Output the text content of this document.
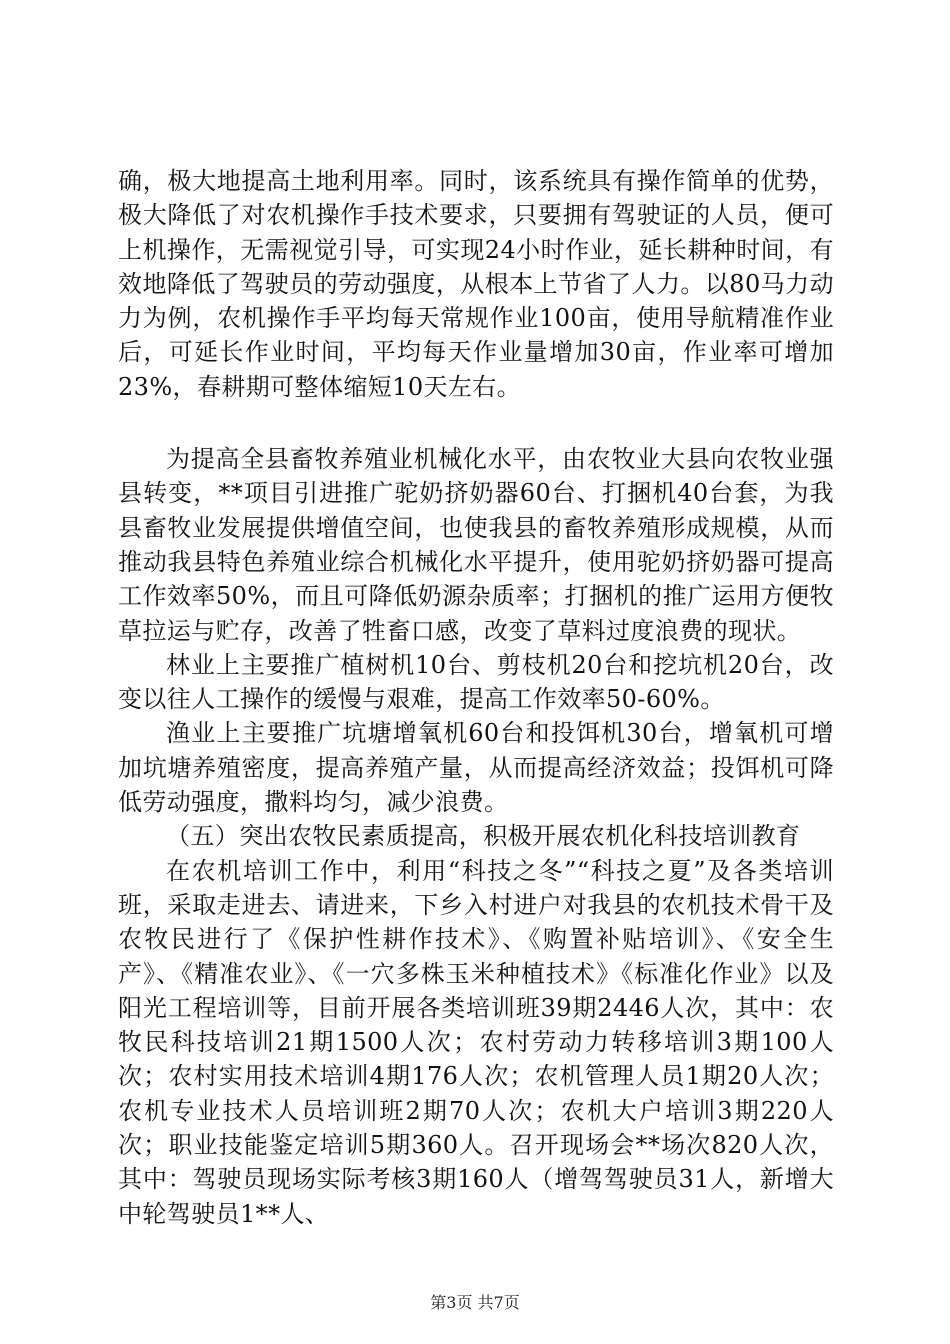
确，极大地提高土地利用率。同时，该系统具有操作简单的优势，极大降低了对农机操作手技术要求，只要拥有驾驶证的人员，便可上机操作，无需视觉引导，可实现24小时作业，延长耕种时间，有效地降低了驾驶员的劳动强度，从根本上节省了人力。以80马力动力为例，农机操作手平均每天常规作业100亩，使用导航精准作业后，可延长作业时间，平均每天作业量增加30亩，作业率可增加23%，春耕期可整体缩短10天左右。

为提高全县畜牧养殖业机械化水平，由农牧业大县向农牧业强县转变，**项目引进推广驼奶挤奶器60台、打捆机40台套，为我县畜牧业发展提供增值空间，也使我县的畜牧养殖形成规模，从而推动我县特色养殖业综合机械化水平提升，使用驼奶挤奶器可提高工作效率50%，而且可降低奶源杂质率；打捆机的推广运用方便牧草拉运与贮存，改善了牲畜口感，改变了草料过度浪费的现状。

林业上主要推广植树机10台、剪枝机20台和挖坑机20台，改变以往人工操作的缓慢与艰难，提高工作效率50-60%。

渔业上主要推广坑塘增氧机60台和投饵机30台，增氧机可增加坑塘养殖密度，提高养殖产量，从而提高经济效益；投饵机可降低劳动强度，撒料均匀，减少浪费。

（五）突出农牧民素质提高，积极开展农机化科技培训教育

在农机培训工作中，利用“科技之冬”“科技之夏”及各类培训班，采取走进去、请进来，下乡入村进户对我县的农机技术骨干及农牧民进行了《保护性耕作技术》、《购置补贴培训》、《安全生产》、《精准农业》、《一穴多株玉米种植技术》《标准化作业》以及阳光工程培训等，目前开展各类培训班39期2446人次，其中：农牧民科技培训21期1500人次；农村劳动力转移培训3期100人次；农村实用技术培训4期176人次；农机管理人员1期20人次；农机专业技术人员培训班2期70人次；农机大户培训3期220人次；职业技能鉴定培训5期360人。召开现场会**场次820人次，其中：驾驶员现场实际考核3期160人（增驾驾驶员31人，新增大中轮驾驶员1**人、

第3页 共7页
